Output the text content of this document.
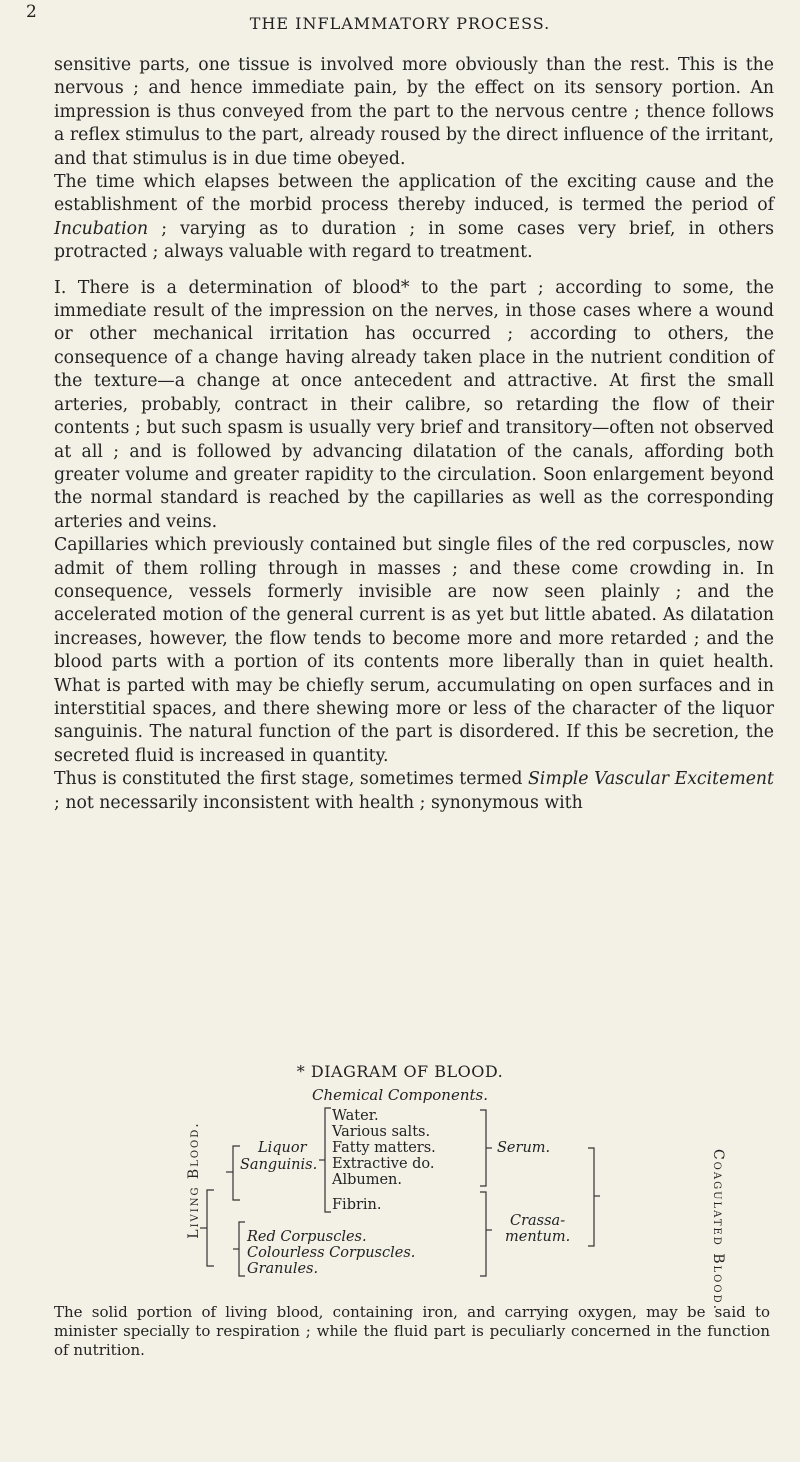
2
THE INFLAMMATORY PROCESS.

sensitive parts, one tissue is involved more obviously than the rest. This is the nervous ; and hence immediate pain, by the effect on its sensory portion. An impression is thus conveyed from the part to the nervous centre ; thence follows a reflex stimulus to the part, already roused by the direct influence of the irritant, and that stimulus is in due time obeyed.

The time which elapses between the application of the exciting cause and the establishment of the morbid process thereby induced, is termed the period of Incubation ; varying as to duration ; in some cases very brief, in others protracted ; always valuable with regard to treatment.

I. There is a determination of blood* to the part ; according to some, the immediate result of the impression on the nerves, in those cases where a wound or other mechanical irritation has occurred ; according to others, the consequence of a change having already taken place in the nutrient condition of the texture—a change at once antecedent and attractive. At first the small arteries, probably, contract in their calibre, so retarding the flow of their contents ; but such spasm is usually very brief and transitory—often not observed at all ; and is followed by advancing dilatation of the canals, affording both greater volume and greater rapidity to the circulation. Soon enlargement beyond the normal standard is reached by the capillaries as well as the corresponding arteries and veins.

Capillaries which previously contained but single files of the red corpuscles, now admit of them rolling through in masses ; and these come crowding in. In consequence, vessels formerly invisible are now seen plainly ; and the accelerated motion of the general current is as yet but little abated. As dilatation increases, however, the flow tends to become more and more retarded ; and the blood parts with a portion of its contents more liberally than in quiet health. What is parted with may be chiefly serum, accumulating on open surfaces and in interstitial spaces, and there shewing more or less of the character of the liquor sanguinis. The natural function of the part is disordered. If this be secretion, the secreted fluid is increased in quantity.

Thus is constituted the first stage, sometimes termed Simple Vascular Excitement ; not necessarily inconsistent with health ; synonymous with

* DIAGRAM OF BLOOD.
Chemical Components.
Living Blood.	Coagulated Blood.
Liquor
Sanguinis.
Water.
Various salts.
Fatty matters.
Extractive do.
Albumen.
Fibrin.
Red Corpuscles.
Colourless Corpuscles.
Granules.
Serum.
Crassa-
mentum.
The solid portion of living blood, containing iron, and carrying oxygen, may be said to minister specially to respiration ; while the fluid part is peculiarly concerned in the function of nutrition.
